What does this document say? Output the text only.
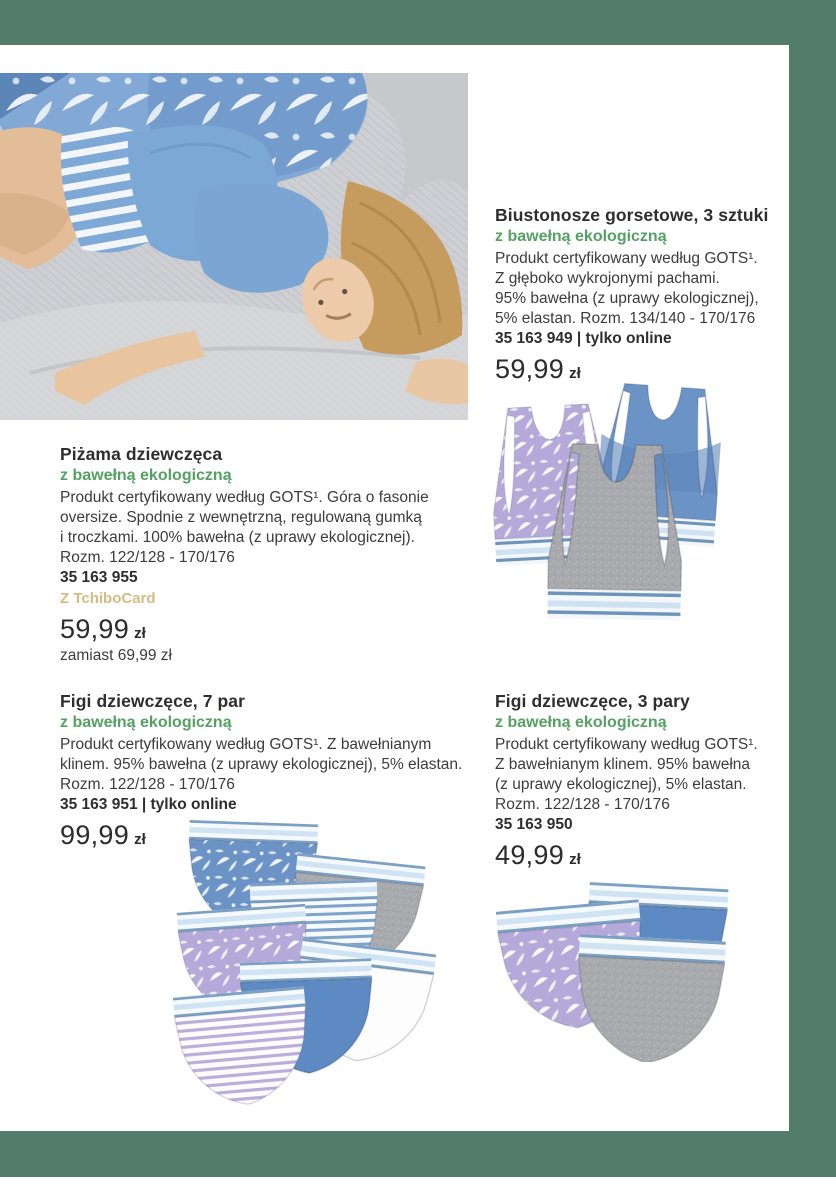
Biustonosze gorsetowe, 3 sztuki
z bawełną ekologiczną
Produkt certyfikowany według GOTS¹.
Z głęboko wykrojonymi pachami.
95% bawełna (z uprawy ekologicznej),
5% elastan. Rozm. 134/140 - 170/176
35 163 949 | tylko online
59,99 zł
Piżama dziewczęca
z bawełną ekologiczną
Produkt certyfikowany według GOTS¹. Góra o fasonie
oversize. Spodnie z wewnętrzną, regulowaną gumką
i troczkami. 100% bawełna (z uprawy ekologicznej).
Rozm. 122/128 - 170/176
35 163 955
Z TchiboCard
59,99 zł
zamiast 69,99 zł
Figi dziewczęce, 7 par
z bawełną ekologiczną
Produkt certyfikowany według GOTS¹. Z bawełnianym
klinem. 95% bawełna (z uprawy ekologicznej), 5% elastan.
Rozm. 122/128 - 170/176
35 163 951 | tylko online
99,99 zł
Figi dziewczęce, 3 pary
z bawełną ekologiczną
Produkt certyfikowany według GOTS¹.
Z bawełnianym klinem. 95% bawełna
(z uprawy ekologicznej), 5% elastan.
Rozm. 122/128 - 170/176
35 163 950
49,99 zł
